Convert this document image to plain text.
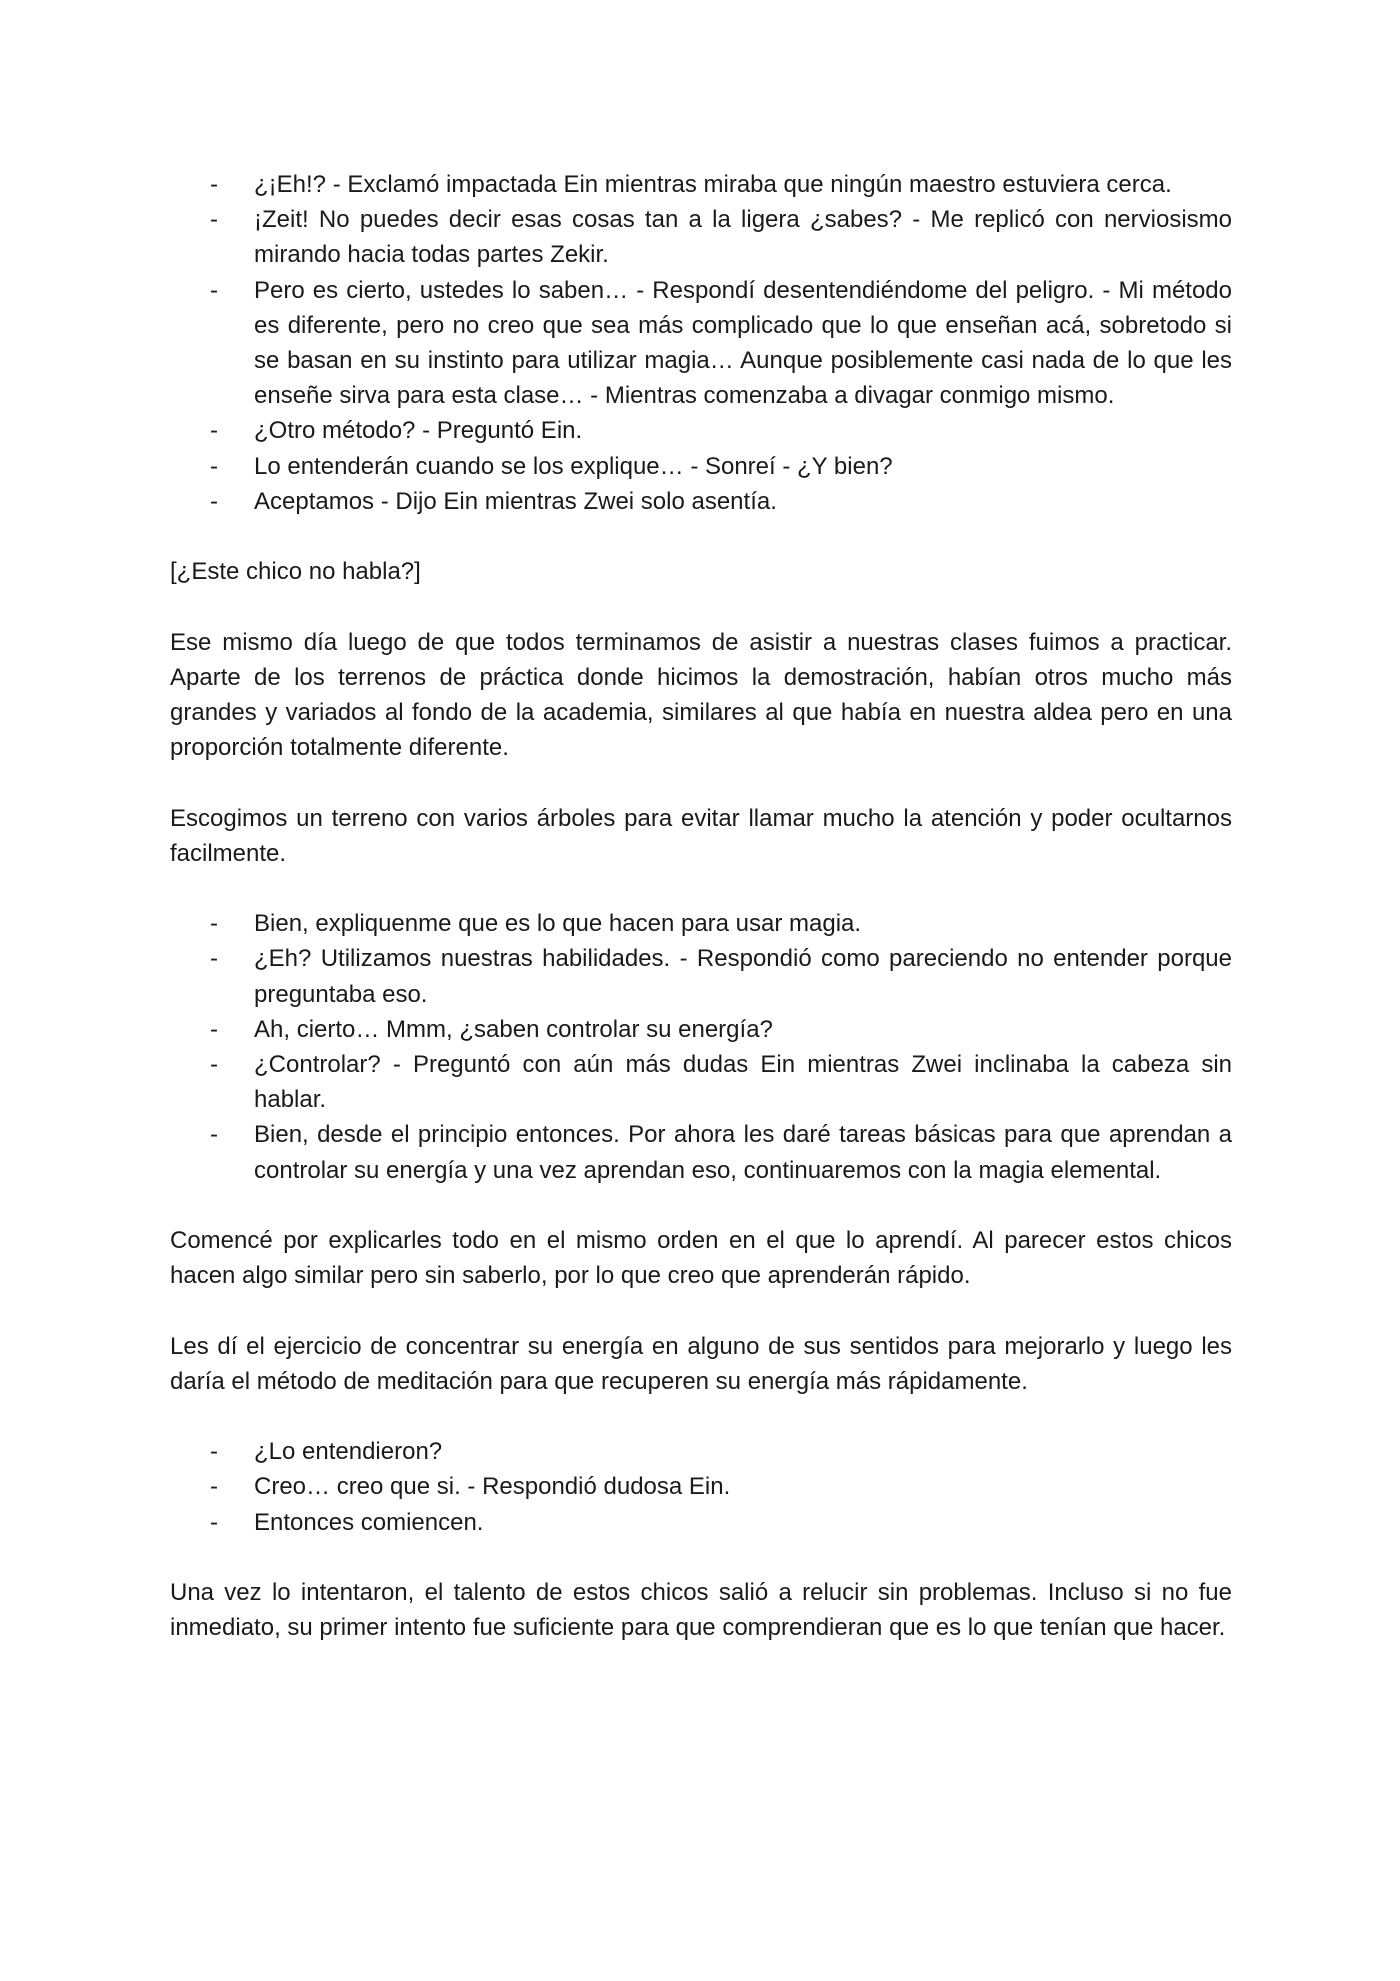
- ¿¡Eh!? - Exclamó impactada Ein mientras miraba que ningún maestro estuviera cerca.
- ¡Zeit! No puedes decir esas cosas tan a la ligera ¿sabes? - Me replicó con nerviosismo mirando hacia todas partes Zekir.
- Pero es cierto, ustedes lo saben… - Respondí desentendiéndome del peligro. - Mi método es diferente, pero no creo que sea más complicado que lo que enseñan acá, sobretodo si se basan en su instinto para utilizar magia… Aunque posiblemente casi nada de lo que les enseñe sirva para esta clase… - Mientras comenzaba a divagar conmigo mismo.
- ¿Otro método? - Preguntó Ein.
- Lo entenderán cuando se los explique… - Sonreí - ¿Y bien?
- Aceptamos - Dijo Ein mientras Zwei solo asentía.

[¿Este chico no habla?]

Ese mismo día luego de que todos terminamos de asistir a nuestras clases fuimos a practicar. Aparte de los terrenos de práctica donde hicimos la demostración, habían otros mucho más grandes y variados al fondo de la academia, similares al que había en nuestra aldea pero en una proporción totalmente diferente.

Escogimos un terreno con varios árboles para evitar llamar mucho la atención y poder ocultarnos facilmente.

- Bien, expliquenme que es lo que hacen para usar magia.
- ¿Eh? Utilizamos nuestras habilidades. - Respondió como pareciendo no entender porque preguntaba eso.
- Ah, cierto… Mmm, ¿saben controlar su energía?
- ¿Controlar? - Preguntó con aún más dudas Ein mientras Zwei inclinaba la cabeza sin hablar.
- Bien, desde el principio entonces. Por ahora les daré tareas básicas para que aprendan a controlar su energía y una vez aprendan eso, continuaremos con la magia elemental.

Comencé por explicarles todo en el mismo orden en el que lo aprendí. Al parecer estos chicos hacen algo similar pero sin saberlo, por lo que creo que aprenderán rápido.

Les dí el ejercicio de concentrar su energía en alguno de sus sentidos para mejorarlo y luego les daría el método de meditación para que recuperen su energía más rápidamente.

- ¿Lo entendieron?
- Creo… creo que si. - Respondió dudosa Ein.
- Entonces comiencen.

Una vez lo intentaron, el talento de estos chicos salió a relucir sin problemas. Incluso si no fue inmediato, su primer intento fue suficiente para que comprendieran que es lo que tenían que hacer.
